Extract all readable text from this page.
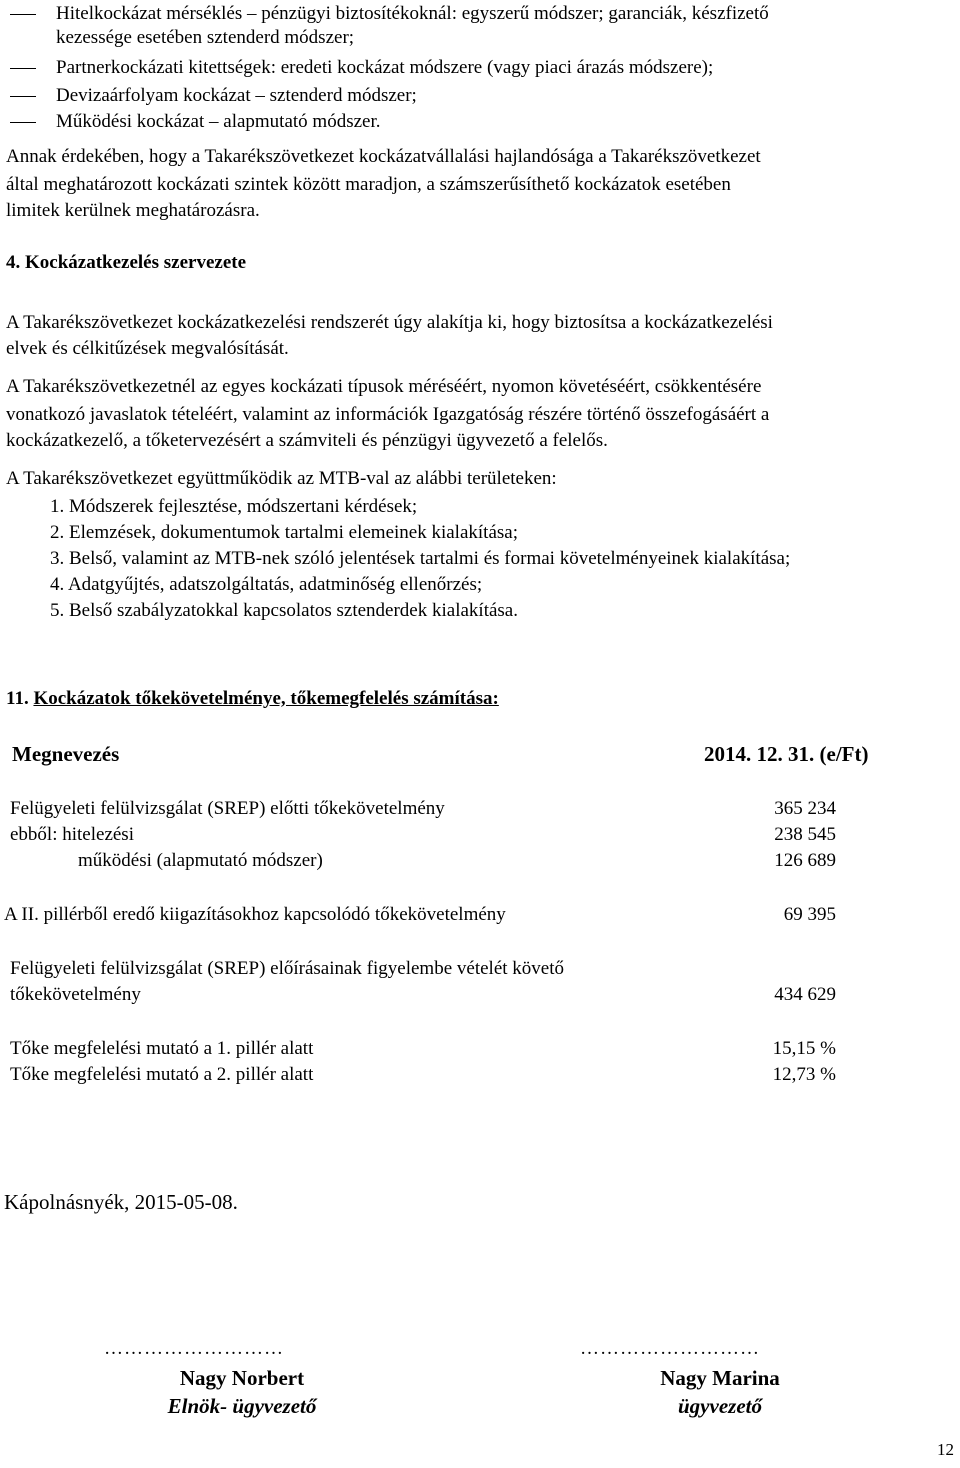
Hitelkockázat mérséklés – pénzügyi biztosítékoknál: egyszerű módszer; garanciák, készfizető
kezessége esetében sztenderd módszer;
Partnerkockázati kitettségek: eredeti kockázat módszere (vagy piaci árazás módszere);
Devizaárfolyam kockázat – sztenderd módszer;
Működési kockázat – alapmutató módszer.
Annak érdekében, hogy a Takarékszövetkezet kockázatvállalási hajlandósága a Takarékszövetkezet
által meghatározott kockázati szintek között maradjon, a számszerűsíthető kockázatok esetében
limitek kerülnek meghatározásra.
4. Kockázatkezelés szervezete
A Takarékszövetkezet kockázatkezelési rendszerét úgy alakítja ki, hogy biztosítsa a kockázatkezelési
elvek és célkitűzések megvalósítását.
A Takarékszövetkezetnél az egyes kockázati típusok méréséért, nyomon követéséért, csökkentésére
vonatkozó javaslatok tételéért, valamint az információk Igazgatóság részére történő összefogásáért a
kockázatkezelő, a tőketervezésért a számviteli és pénzügyi ügyvezető a felelős.
A Takarékszövetkezet együttműködik az MTB-val az alábbi területeken:
1. Módszerek fejlesztése, módszertani kérdések;
2. Elemzések, dokumentumok tartalmi elemeinek kialakítása;
3. Belső, valamint az MTB-nek szóló jelentések tartalmi és formai követelményeinek kialakítása;
4. Adatgyűjtés, adatszolgáltatás, adatminőség ellenőrzés;
5. Belső szabályzatokkal kapcsolatos sztenderdek kialakítása.
11. Kockázatok tőkekövetelménye, tőkemegfelelés számítása:
Megnevezés	2014. 12. 31. (e/Ft)
Felügyeleti felülvizsgálat (SREP) előtti tőkekövetelmény	365 234
ebből: hitelezési	238 545
működési (alapmutató módszer)	126 689
A II. pillérből eredő kiigazításokhoz kapcsolódó tőkekövetelmény	69 395
Felügyeleti felülvizsgálat (SREP) előírásainak figyelembe vételét követő
tőkekövetelmény	434 629
Tőke megfelelési mutató a 1. pillér alatt	15,15 %
Tőke megfelelési mutató a 2. pillér alatt	12,73 %
Kápolnásnyék, 2015-05-08.
………………………
Nagy Norbert
Elnök- ügyvezető
………………………
Nagy Marina
ügyvezető
12
